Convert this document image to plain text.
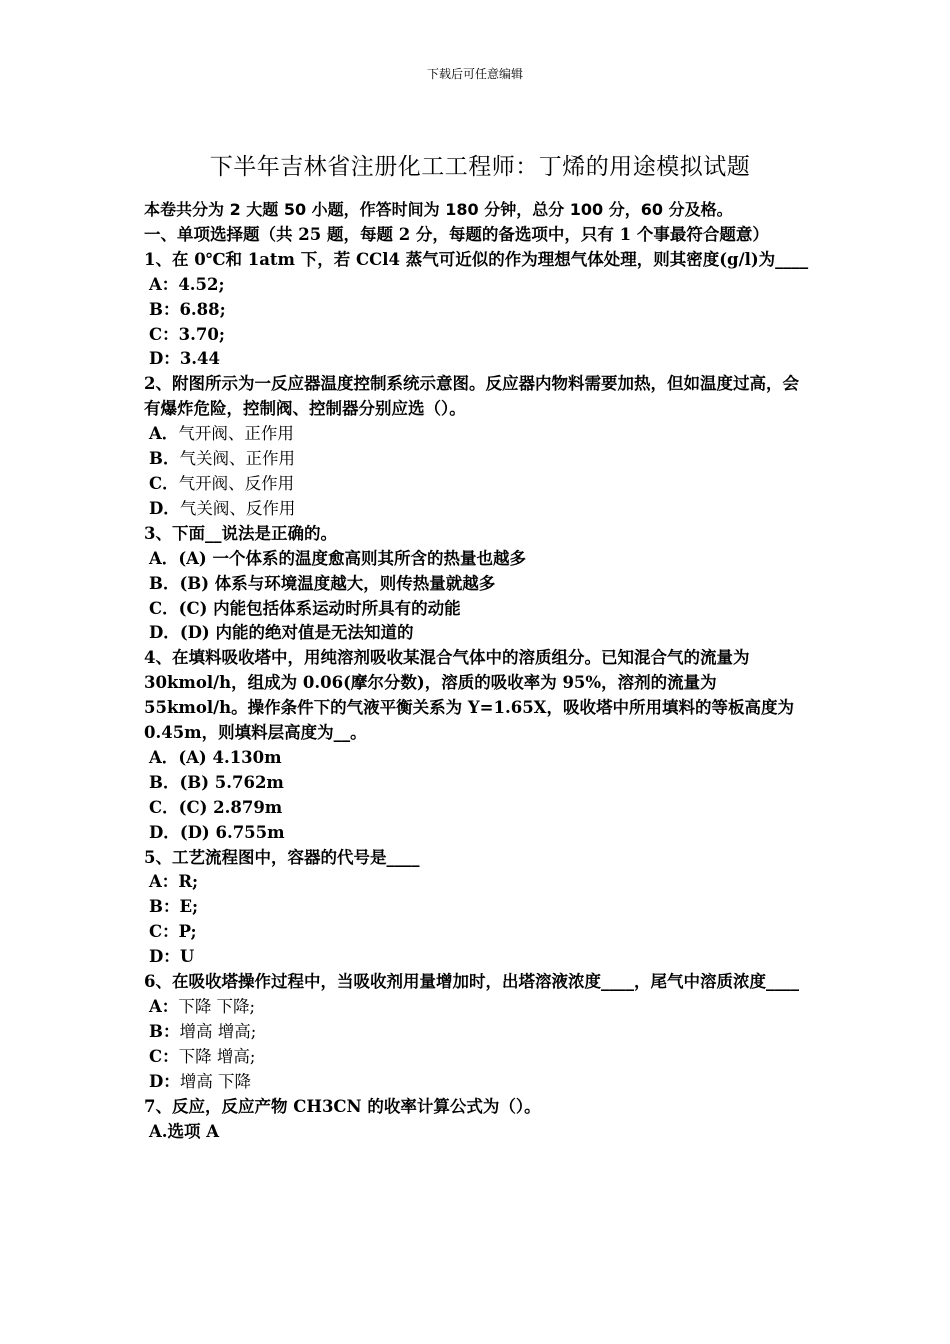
下载后可任意编辑
下半年吉林省注册化工工程师：丁烯的用途模拟试题
本卷共分为 2 大题 50 小题，作答时间为 180 分钟，总分 100 分，60 分及格。
一、单项选择题（共 25 题，每题 2 分，每题的备选项中，只有 1 个事最符合题意）
1、在 0℃和 1atm 下，若 CCl4 蒸气可近似的作为理想气体处理，则其密度(g/l)为____
A：4.52;
B：6.88;
C：3.70;
D：3.44
2、附图所示为一反应器温度控制系统示意图。反应器内物料需要加热，但如温度过高，会有爆炸危险，控制阀、控制器分别应选（）。
A．气开阀、正作用
B．气关阀、正作用
C．气开阀、反作用
D．气关阀、反作用
3、下面__说法是正确的。
A．(A) 一个体系的温度愈高则其所含的热量也越多
B．(B) 体系与环境温度越大，则传热量就越多
C．(C) 内能包括体系运动时所具有的动能
D．(D) 内能的绝对值是无法知道的
4、在填料吸收塔中，用纯溶剂吸收某混合气体中的溶质组分。已知混合气的流量为 30kmol/h，组成为 0.06(摩尔分数)，溶质的吸收率为 95%，溶剂的流量为 55kmol/h。操作条件下的气液平衡关系为 Y=1.65X，吸收塔中所用填料的等板高度为 0.45m，则填料层高度为__。
A．(A) 4.130m
B．(B) 5.762m
C．(C) 2.879m
D．(D) 6.755m
5、工艺流程图中，容器的代号是____
A：R;
B：E;
C：P;
D：U
6、在吸收塔操作过程中，当吸收剂用量增加时，出塔溶液浓度____，尾气中溶质浓度____
A：下降 下降;
B：增高 增高;
C：下降 增高;
D：增高 下降
7、反应，反应产物 CH3CN 的收率计算公式为（）。
A.选项 A
